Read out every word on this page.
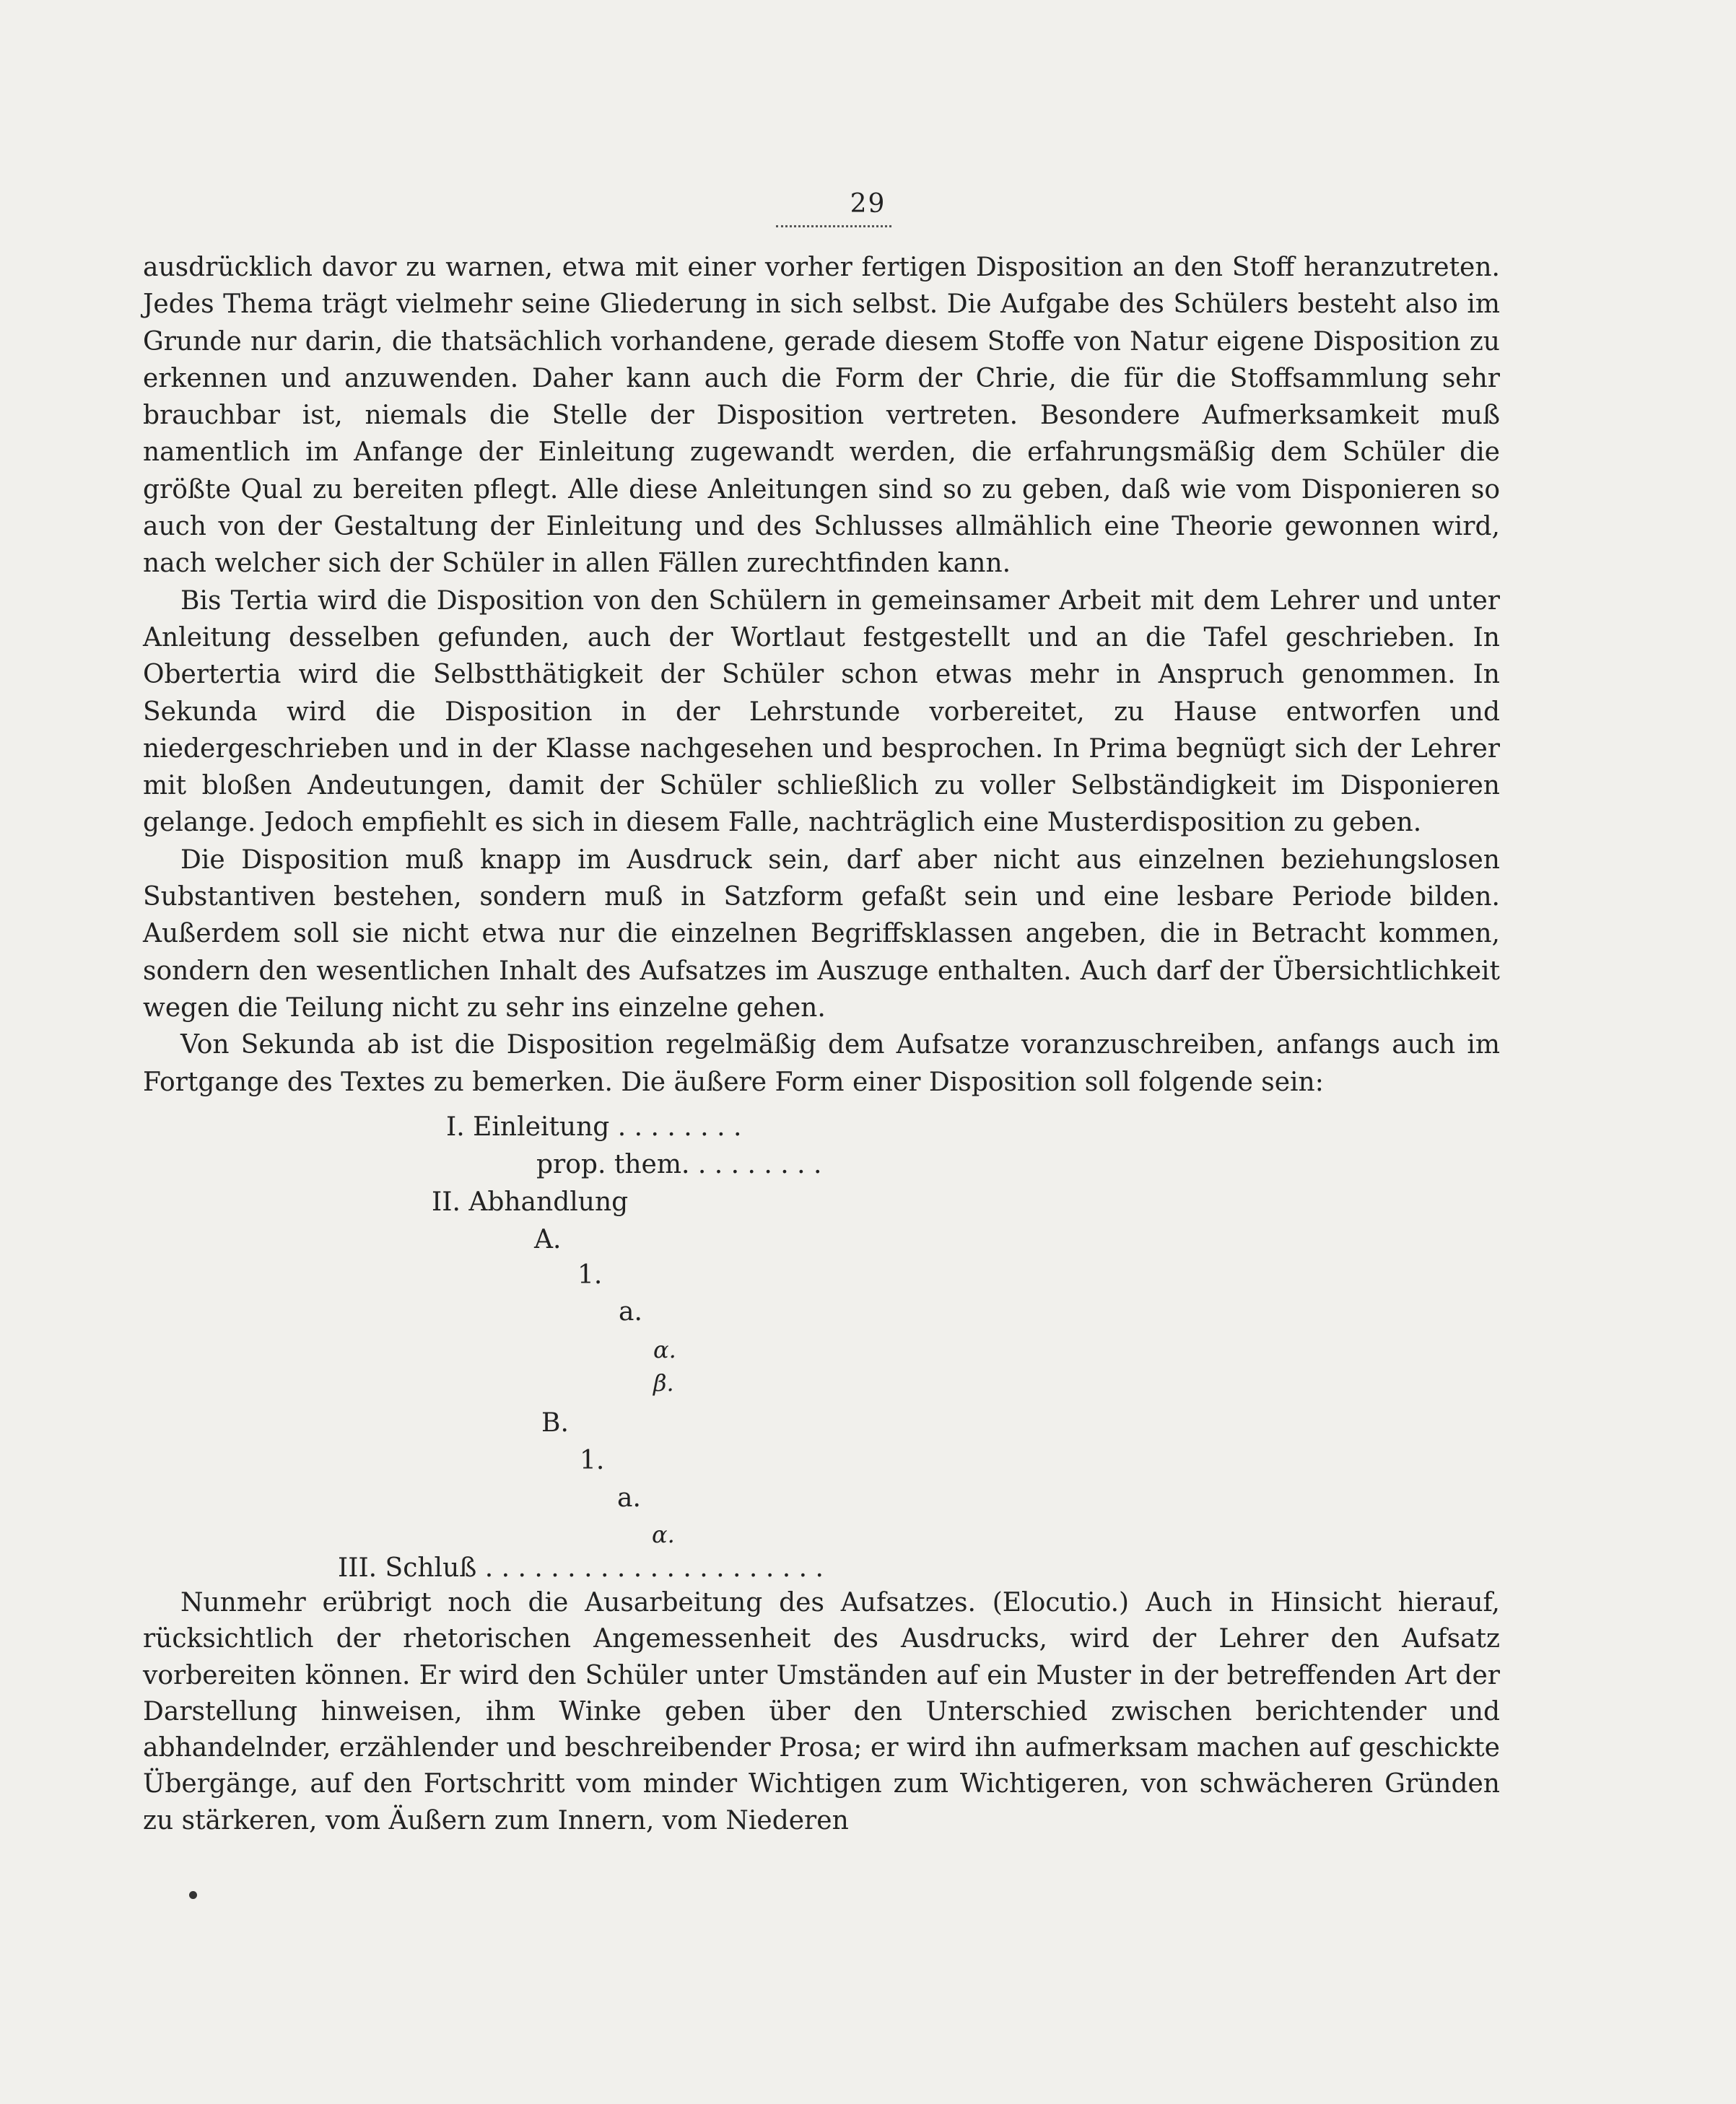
29

ausdrücklich davor zu warnen, etwa mit einer vorher fertigen Disposition an den Stoff heranzutreten. Jedes Thema trägt vielmehr seine Gliederung in sich selbst. Die Aufgabe des Schülers besteht also im Grunde nur darin, die thatsächlich vorhandene, gerade diesem Stoffe von Natur eigene Disposition zu erkennen und anzuwenden. Daher kann auch die Form der Chrie, die für die Stoffsammlung sehr brauchbar ist, niemals die Stelle der Disposition vertreten. Besondere Aufmerksamkeit muß namentlich im Anfange der Einleitung zugewandt werden, die erfahrungsmäßig dem Schüler die größte Qual zu bereiten pflegt. Alle diese Anleitungen sind so zu geben, daß wie vom Disponieren so auch von der Gestaltung der Einleitung und des Schlusses allmählich eine Theorie gewonnen wird, nach welcher sich der Schüler in allen Fällen zurechtfinden kann.

Bis Tertia wird die Disposition von den Schülern in gemeinsamer Arbeit mit dem Lehrer und unter Anleitung desselben gefunden, auch der Wortlaut festgestellt und an die Tafel geschrieben. In Obertertia wird die Selbstthätigkeit der Schüler schon etwas mehr in Anspruch genommen. In Sekunda wird die Disposition in der Lehrstunde vorbereitet, zu Hause entworfen und niedergeschrieben und in der Klasse nachgesehen und besprochen. In Prima begnügt sich der Lehrer mit bloßen Andeutungen, damit der Schüler schließlich zu voller Selbständigkeit im Disponieren gelange. Jedoch empfiehlt es sich in diesem Falle, nachträglich eine Musterdisposition zu geben.

Die Disposition muß knapp im Ausdruck sein, darf aber nicht aus einzelnen beziehungslosen Substantiven bestehen, sondern muß in Satzform gefaßt sein und eine lesbare Periode bilden. Außerdem soll sie nicht etwa nur die einzelnen Begriffsklassen angeben, die in Betracht kommen, sondern den wesentlichen Inhalt des Aufsatzes im Auszuge enthalten. Auch darf der Übersichtlichkeit wegen die Teilung nicht zu sehr ins einzelne gehen.

Von Sekunda ab ist die Disposition regelmäßig dem Aufsatze voranzuschreiben, anfangs auch im Fortgange des Textes zu bemerken. Die äußere Form einer Disposition soll folgende sein:

I. Einleitung . . . . . . . .
prop. them. . . . . . . . .
II. Abhandlung
A.
1.
a.
α.
β.
B.
1.
a.
α.
III. Schluß . . . . . . . . . . . . . . . . . . . . .

Nunmehr erübrigt noch die Ausarbeitung des Aufsatzes. (Elocutio.) Auch in Hinsicht hierauf, rücksichtlich der rhetorischen Angemessenheit des Ausdrucks, wird der Lehrer den Aufsatz vorbereiten können. Er wird den Schüler unter Umständen auf ein Muster in der betreffenden Art der Darstellung hinweisen, ihm Winke geben über den Unterschied zwischen berichtender und abhandelnder, erzählender und beschreibender Prosa; er wird ihn aufmerksam machen auf geschickte Übergänge, auf den Fortschritt vom minder Wichtigen zum Wichtigeren, von schwächeren Gründen zu stärkeren, vom Äußern zum Innern, vom Niederen
